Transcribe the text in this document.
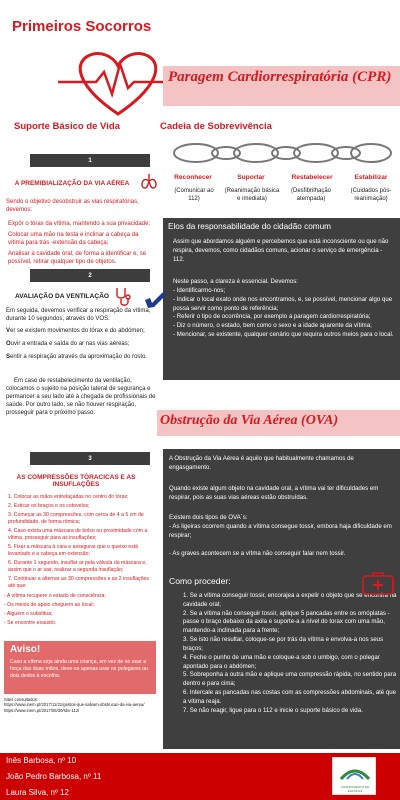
Primeiros Socorros
Paragem Cardiorrespiratória (CPR)
Suporte Básico de Vida	Cadeia de Sobrevivência
Reconhecer	Suportar	Restabelecer	Estabilizar
(Comunicar ao 112)
(Reanimação básica e imediata)
(Desfibrilhação atempada)
(Cuidados pós-reanimação)
1
A PREMIBIALIZAÇÃO DA VIA AÉREA
Sendo o objetivo desobstruir as vias respiratórias, devemos:

Expôr o tórax da vítima, mantendo a sua privacidade;

Colocar uma mão na testa e inclinar a cabeça da vítima para trás -extensão da cabeça;

Analisar a cavidade oral, de forma a identificar e, se possível, retirar qualquer tipo de objetos.

2
AVALIAÇÃO DA VENTILAÇÃO
Em seguida, devemos verificar a respiração da vítima, durante 10 segundos, através do VOS.

Ver se existem movimentos do tórax e do abdómen;

Ouvir a entrada e saída do ar nas vias aéreas;

Sentir a respiração através da aproximação do rosto.

Em caso de restabelecimento da ventilação, colocamos o sujeito na posição lateral de segurança e permancer a seu lado até à chegada de profissionais de saúde. Por outro lado, se não houver respiração, prosseguir para o próximo passo.
3
AS COMPRESSÕES TÓRACICAS E AS INSUFLAÇÕES

1. Colocar as mãos entrelaçadas no centro do tórax;

2. Esticar os braços e os cotovelos;

3. Começar as 30 compressões, com cerca de 4 a 5 cm de profundidade, de forma rítmica;

4. Caso exista uma máscara de bolso ou proximidade com a vítima, prosseguir para as insuflações;

5. Fixar a máscara à cara e assegurar que o queixo está levantado e a cabeça em extensão;

6. Durante 1 segundo, insuflar ar pela válvula da máscara e, assim que o ar sair, realizar a segunda insuflação;

7. Continuar a alternar as 30 compressões e as 2 insuflações até que:

- A vítima recupere o estado de consciência;

- Os meios de apoio cheguem ao local;

- Alguém o substitua;

- Se encontre exausto.

Aviso!
Caso a vítima seja ainda uma criança, em vez de se usar a força das duas mãos, deve-se apenas usar os polegares ou dois dedos à escolha.
Sites consultados:
https://www.inem.pt/2017/11/21/gestos-que-salvam-obstrucao-da-via-aerea/
https://www.inem.pt/2017/05/30/sbv-112/
Elos da responsabilidade do cidadão comum
Assim que abordamos alguém e percebemos que está inconsciente ou que não respira, devemos, como cidadãos comuns, acionar o serviço de emergência - 112.
Neste passo, a clareza é essencial. Devemos:

- Identificarmo-nos;

- Indicar o local exato onde nos encontramos, e, se possível, mencionar algo que possa servir como ponto de referência;

- Referir o tipo de ocorrência, por exemplo a paragem cardiorrespiratória;

- Diz o número, o estado, bem como o sexo e a idade aparente da vítima;

- Mencionar, se existente, qualquer cenário que requira outros meios para o local.

Obstrução da Via Aérea (OVA)
A Obstrução da Via Aérea é aquilo que habitualmente chamamos de engasgamento.
Quando existe algum objeto na cavidade oral, a vítima vai ter dificuldades em respirar, pois as suas vias aéreas estão obstruídas.
Existem dois tipos de OVA´s:

- As ligeiras ocorrem quando a vítima consegue tossir, embora haja dificuldade em respirar;

- As graves acontecem se a vítma não conseguir falar nem tossir.

Como proceder:

1. Se a vítima conseguir tossir, encorajea a expelir o objeto que se encontra na cavidade oral;

2. Se a vítima não conseguir tossir, aplique 5 pancadas entre os omóplatas - passe o braço debaixo da axila e suporte-a a nível do torax com uma mão, mantendo-a inclinada para a frente;

3. Se isto não resultar, coloque-se por trás da vítima e envolva-a nos seus braços;

4. Feche o punho de uma mão e coloque-a sob o umbigo, com o polegar apontado para o abdómen;

5. Sobreponha a outra mão e aplique uma compressão rápida, no sentido para dentro e para cima;

6. Intercale as pancadas nas costas com as compressões abdominais, até que a vítima reaja.

7. Se não reagir, ligue para o 112 e inicie o suporte básico de vida.

Inês Barbosa, nº 10
João Pedro Barbosa, nº 11
Laura Silva, nº 12
AGRUPAMENTO DE ESCOLAS
